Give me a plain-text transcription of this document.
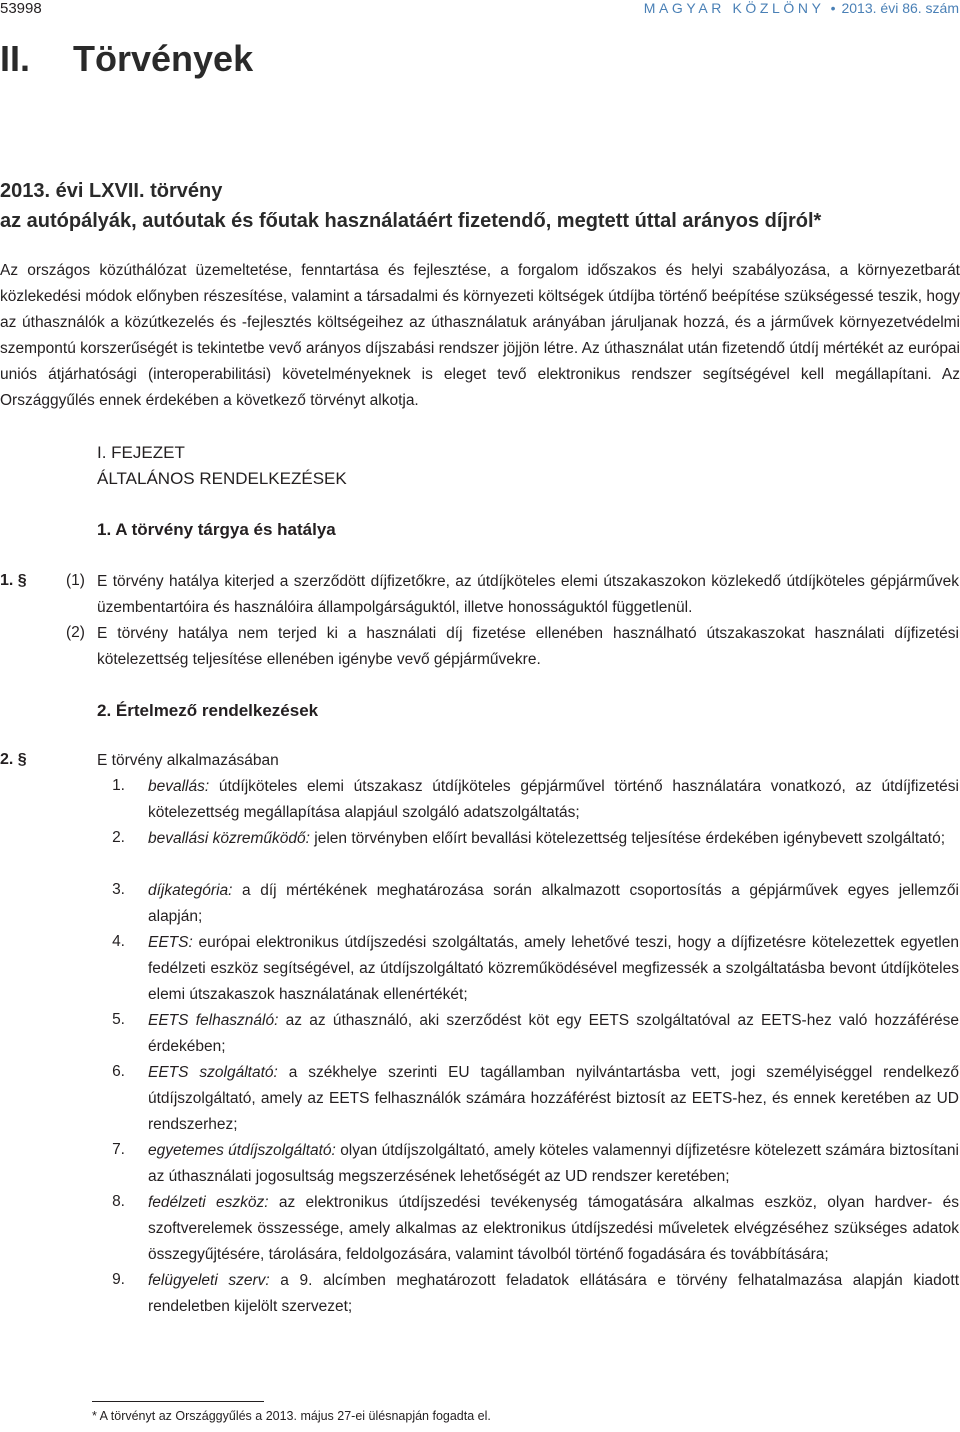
53998	MAGYAR KÖZLÖNY • 2013. évi 86. szám
II. Törvények
2013. évi LXVII. törvény
az autópályák, autóutak és főutak használatáért fizetendő, megtett úttal arányos díjról*
Az országos közúthálózat üzemeltetése, fenntartása és fejlesztése, a forgalom időszakos és helyi szabályozása, a környezetbarát közlekedési módok előnyben részesítése, valamint a társadalmi és környezeti költségek útdíjba történő beépítése szükségessé teszik, hogy az úthasználók a közútkezelés és -fejlesztés költségeihez az úthasználatuk arányában járuljanak hozzá, és a járművek környezetvédelmi szempontú korszerűségét is tekintetbe vevő arányos díjszabási rendszer jöjjön létre. Az úthasználat után fizetendő útdíj mértékét az európai uniós átjárhatósági (interoperabilitási) követelményeknek is eleget tevő elektronikus rendszer segítségével kell megállapítani. Az Országgyűlés ennek érdekében a következő törvényt alkotja.
I. FEJEZET
ÁLTALÁNOS RENDELKEZÉSEK
1. A törvény tárgya és hatálya
1. §	(1) E törvény hatálya kiterjed a szerződött díjfizetőkre, az útdíjköteles elemi útszakaszokon közlekedő útdíjköteles gépjárművek üzembentartóira és használóira állampolgárságuktól, illetve honosságuktól függetlenül.
(2) E törvény hatálya nem terjed ki a használati díj fizetése ellenében használható útszakaszokat használati díjfizetési kötelezettség teljesítése ellenében igénybe vevő gépjárművekre.
2. Értelmező rendelkezések
2. §	E törvény alkalmazásában
1. bevallás: útdíjköteles elemi útszakasz útdíjköteles gépjárművel történő használatára vonatkozó, az útdíjfizetési kötelezettség megállapítása alapjául szolgáló adatszolgáltatás;
2. bevallási közreműködő: jelen törvényben előírt bevallási kötelezettség teljesítése érdekében igénybevett szolgáltató;
3. díjkategória: a díj mértékének meghatározása során alkalmazott csoportosítás a gépjárművek egyes jellemzői alapján;
4. EETS: európai elektronikus útdíjszedési szolgáltatás, amely lehetővé teszi, hogy a díjfizetésre kötelezettek egyetlen fedélzeti eszköz segítségével, az útdíjszolgáltató közreműködésével megfizessék a szolgáltatásba bevont útdíjköteles elemi útszakaszok használatának ellenértékét;
5. EETS felhasználó: az az úthasználó, aki szerződést köt egy EETS szolgáltatóval az EETS-hez való hozzáférése érdekében;
6. EETS szolgáltató: a székhelye szerinti EU tagállamban nyilvántartásba vett, jogi személyiséggel rendelkező útdíjszolgáltató, amely az EETS felhasználók számára hozzáférést biztosít az EETS-hez, és ennek keretében az UD rendszerhez;
7. egyetemes útdíjszolgáltató: olyan útdíjszolgáltató, amely köteles valamennyi díjfizetésre kötelezett számára biztosítani az úthasználati jogosultság megszerzésének lehetőségét az UD rendszer keretében;
8. fedélzeti eszköz: az elektronikus útdíjszedési tevékenység támogatására alkalmas eszköz, olyan hardver- és szoftverelemek összessége, amely alkalmas az elektronikus útdíjszedési műveletek elvégzéséhez szükséges adatok összegyűjtésére, tárolására, feldolgozására, valamint távolból történő fogadására és továbbítására;
9. felügyeleti szerv: a 9. alcímben meghatározott feladatok ellátására e törvény felhatalmazása alapján kiadott rendeletben kijelölt szervezet;
* A törvényt az Országgyűlés a 2013. május 27-ei ülésnapján fogadta el.
